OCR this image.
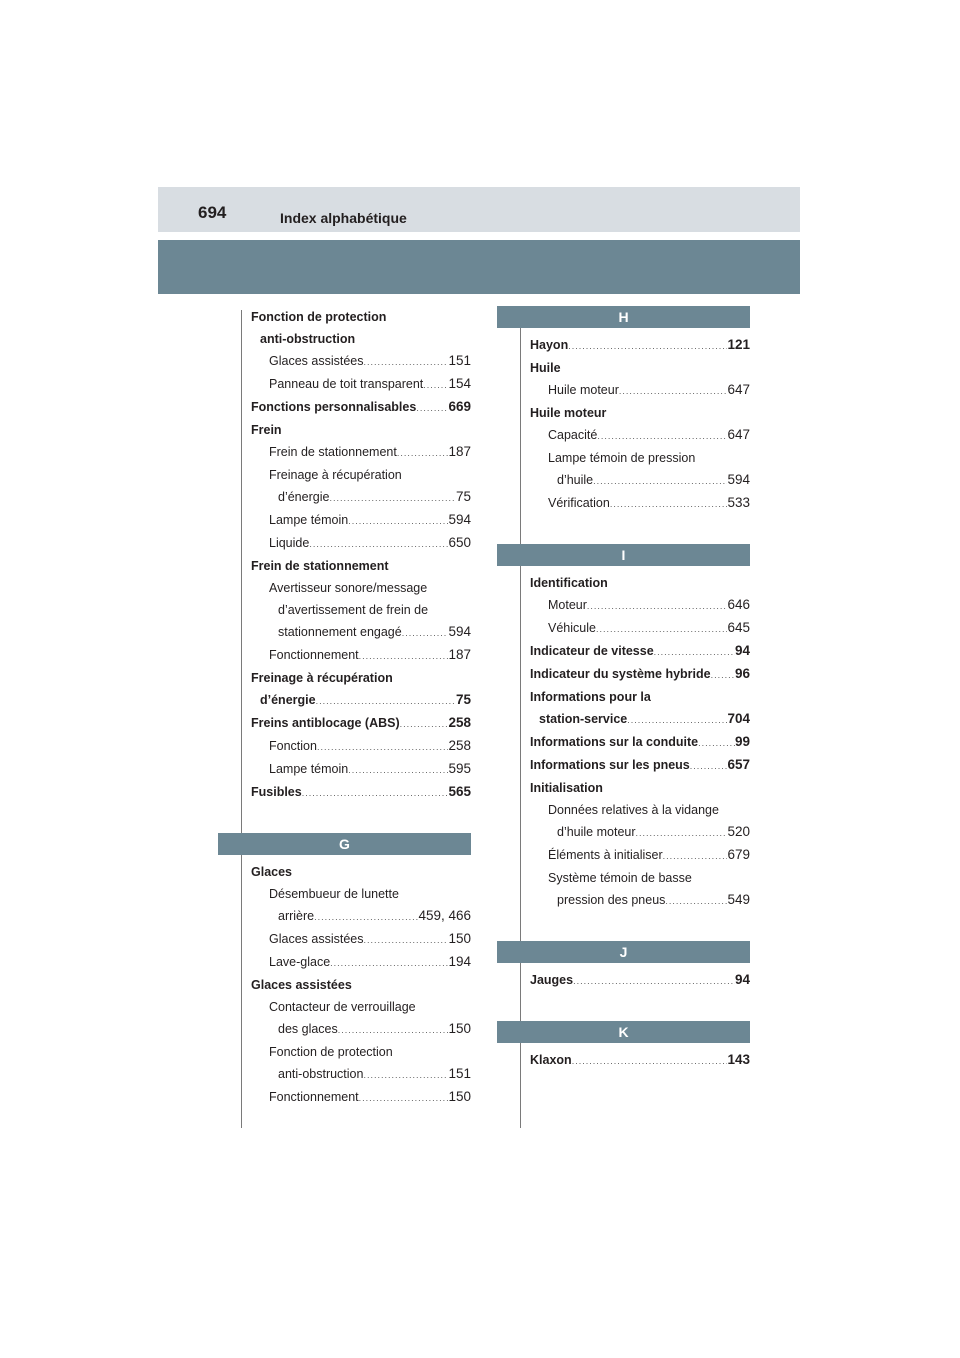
694	Index alphabétique
Fonction de protection
anti-obstruction
Glaces assistées .....	151
Panneau de toit transparent ..... 154
Fonctions personnalisables ..... 669
Frein
Frein de stationnement .....	187
Freinage à récupération
d’énergie .....	75
Lampe témoin .....	594
Liquide .....	650
Frein de stationnement
Avertisseur sonore/message
d’avertissement de frein de
stationnement engagé .....	594
Fonctionnement .....	187
Freinage à récupération
d’énergie .....	75
Freins antiblocage (ABS) .....	258
Fonction .....	258
Lampe témoin .....	595
Fusibles .....	565
G
Glaces
Désembueur de lunette
arrière .....	459, 466
Glaces assistées .....	150
Lave-glace .....	194
Glaces assistées
Contacteur de verrouillage
des glaces .....	150
Fonction de protection
anti-obstruction .....	151
Fonctionnement .....	150
H
Hayon .....	121
Huile
Huile moteur .....	647
Huile moteur
Capacité .....	647
Lampe témoin de pression
d’huile .....	594
Vérification .....	533
I
Identification
Moteur .....	646
Véhicule .....	645
Indicateur de vitesse .....	94
Indicateur du système hybride ..... 96
Informations pour la
station-service .....	704
Informations sur la conduite .....	99
Informations sur les pneus .....	657
Initialisation
Données relatives à la vidange
d’huile moteur .....	520
Éléments à initialiser .....	679
Système témoin de basse
pression des pneus .....	549
J
Jauges .....	94
K
Klaxon .....	143
